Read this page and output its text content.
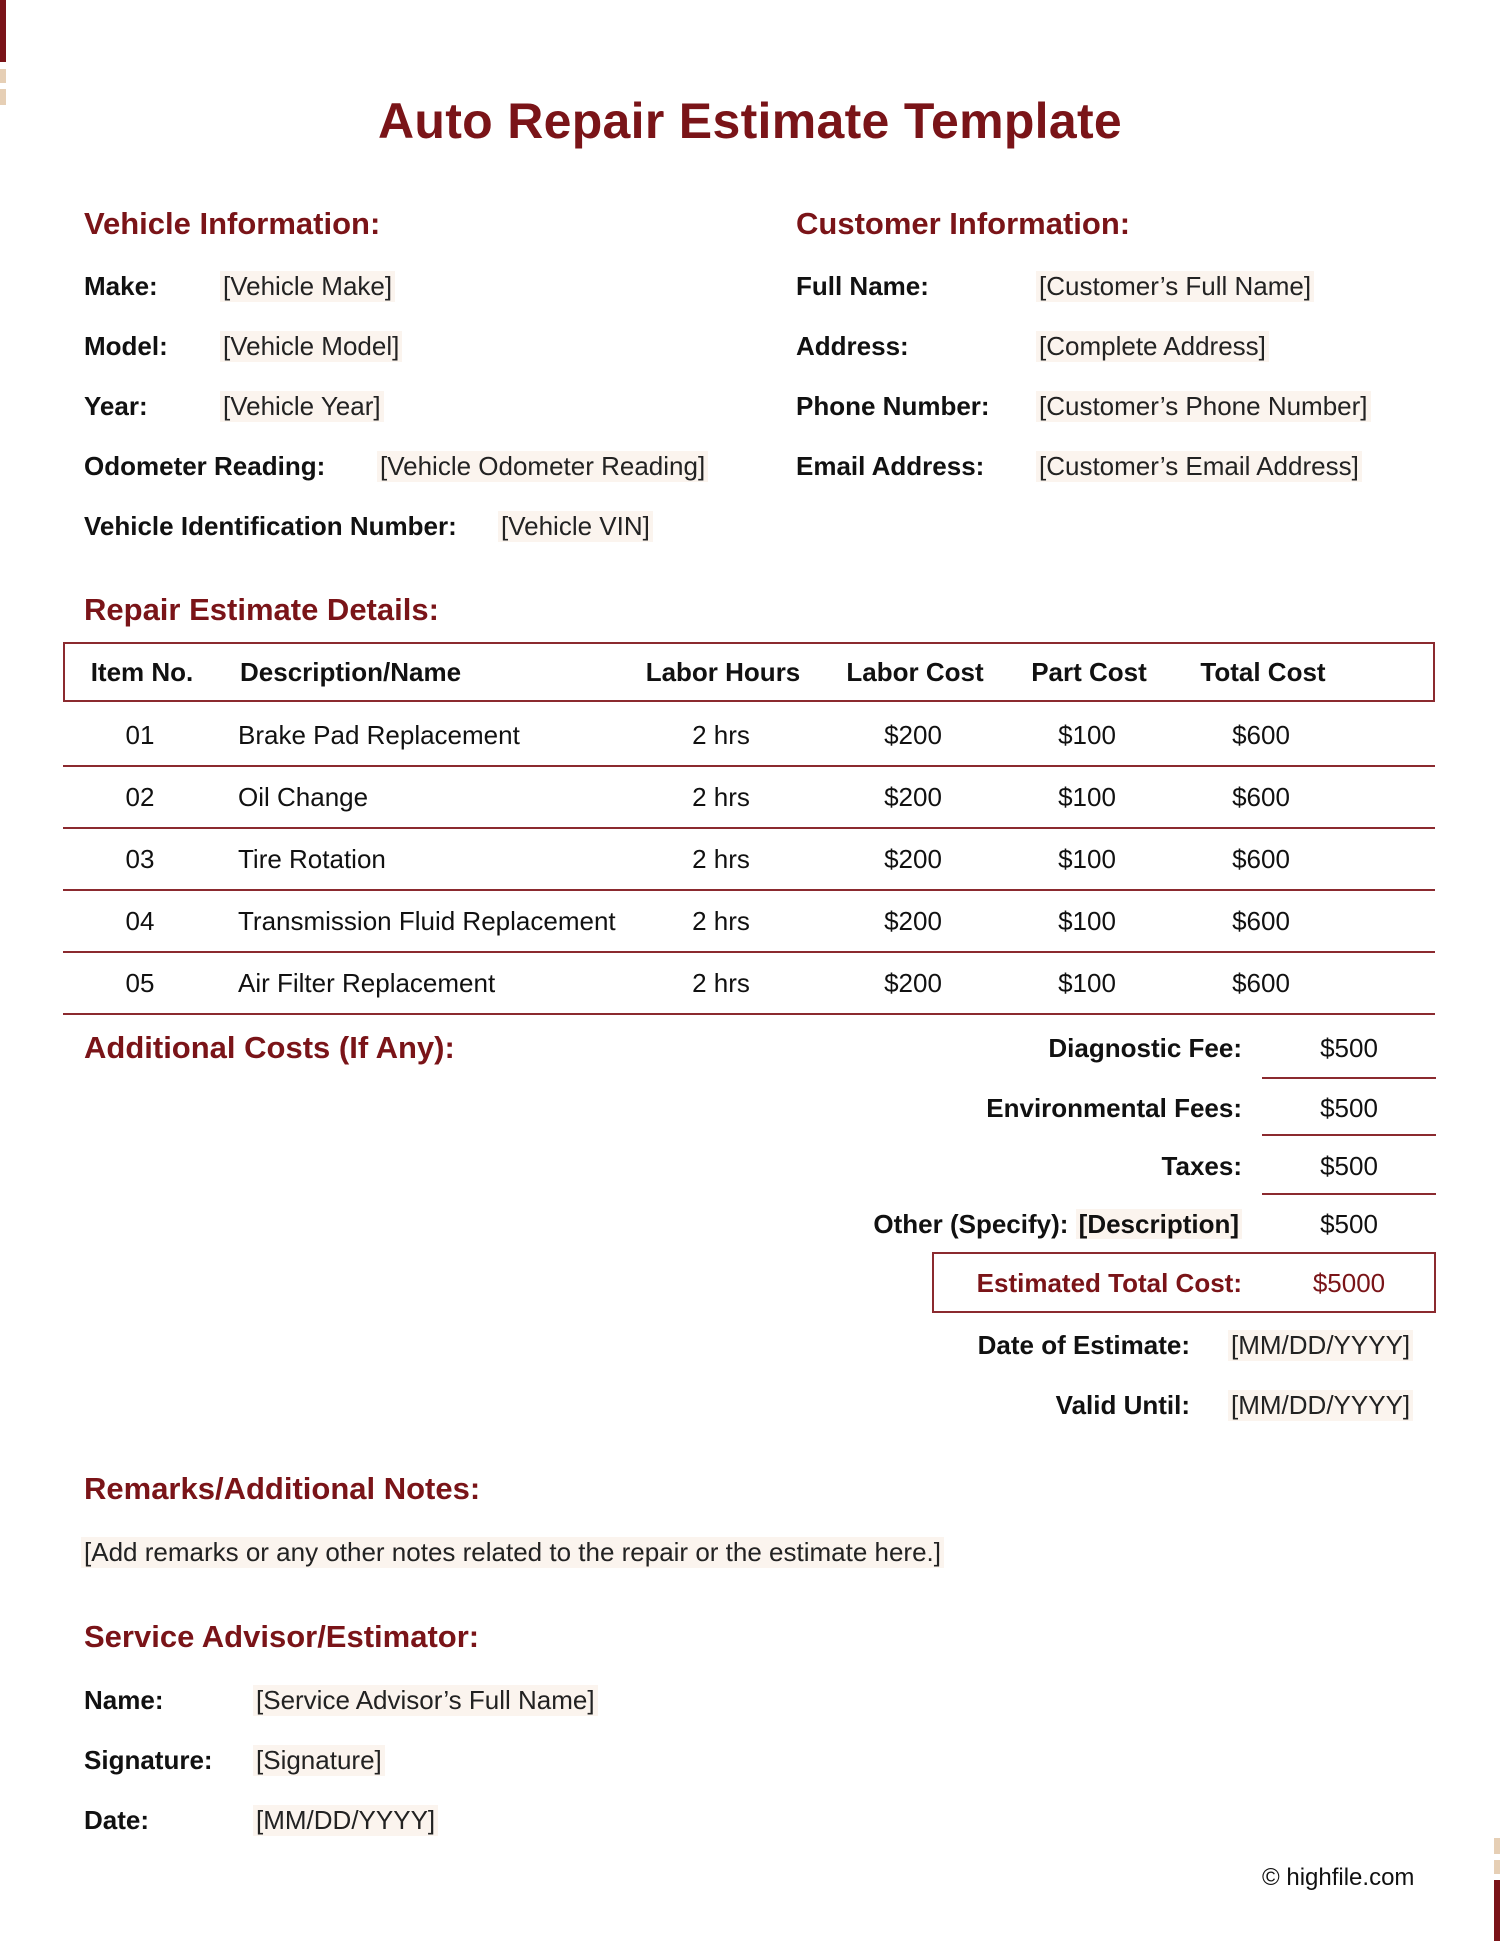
Auto Repair Estimate Template
Vehicle Information:
Make:	[Vehicle Make]
Model: [Vehicle Model]
Year:	[Vehicle Year]
Odometer Reading: [Vehicle Odometer Reading]
Vehicle Identification Number: [Vehicle VIN]
Customer Information:
Full Name:	[Customer’s Full Name]
Address:	[Complete Address]
Phone Number: [Customer’s Phone Number]
Email Address: [Customer’s Email Address]
Repair Estimate Details:
Item No.	Description/Name	Labor Hours	Labor Cost	Part Cost	Total Cost
01	Brake Pad Replacement	2 hrs	$200	$100	$600
02	Oil Change	2 hrs	$200	$100	$600
03	Tire Rotation	2 hrs	$200	$100	$600
04	Transmission Fluid Replacement	2 hrs	$200	$100	$600
05	Air Filter Replacement	2 hrs	$200	$100	$600
Additional Costs (If Any):	Diagnostic Fee:	$500
Environmental Fees:	$500
Taxes:	$500
Other (Specify): [Description]	$500
Estimated Total Cost:	$5000
Date of Estimate: [MM/DD/YYYY]
Valid Until: [MM/DD/YYYY]
Remarks/Additional Notes:
[Add remarks or any other notes related to the repair or the estimate here.]
Service Advisor/Estimator:
Name:	[Service Advisor’s Full Name]
Signature: [Signature]
Date:	[MM/DD/YYYY]
© highfile.com
